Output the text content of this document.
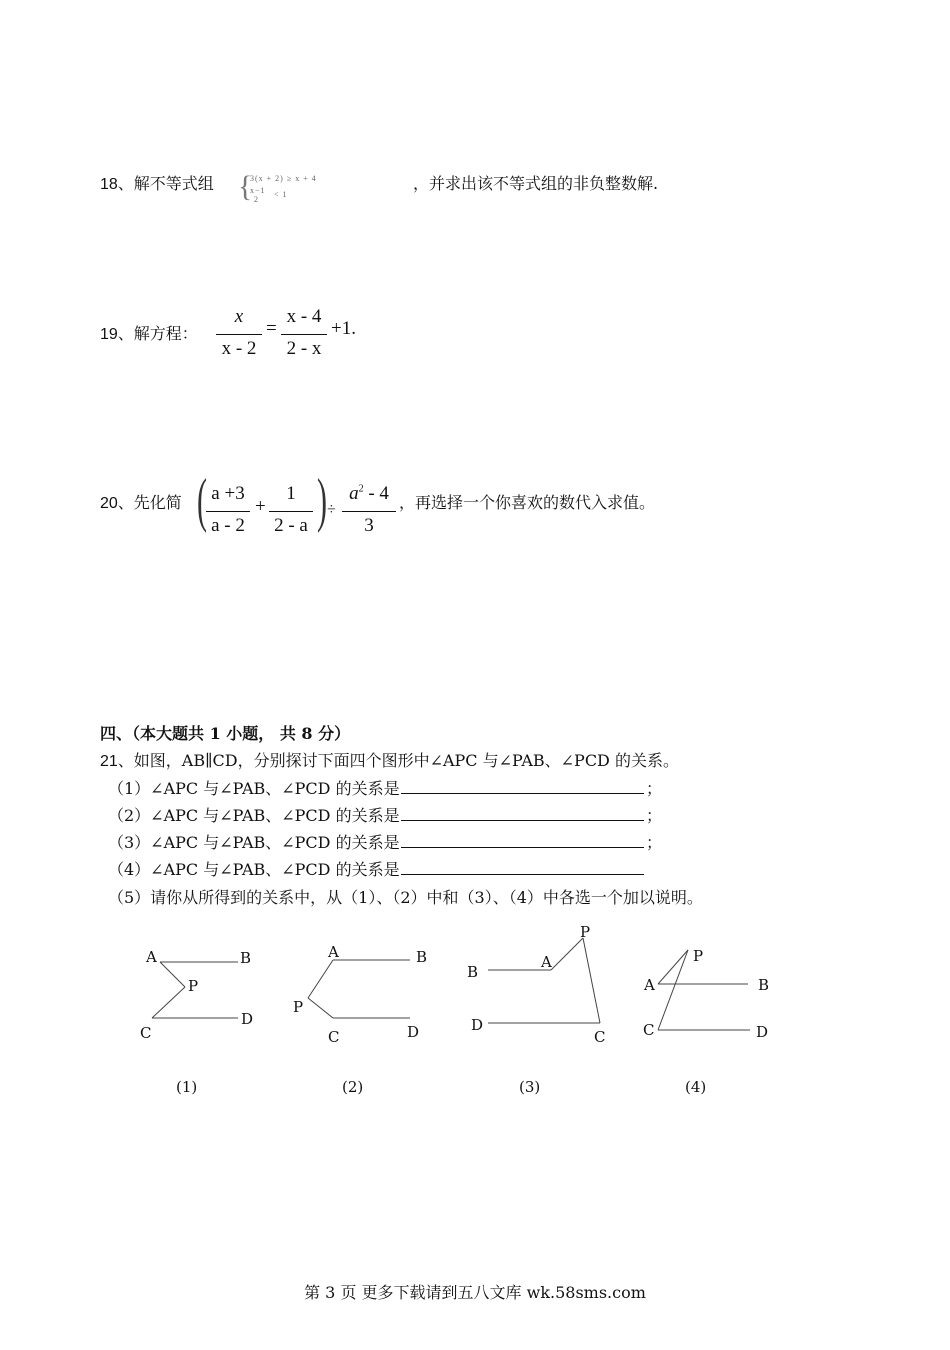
18、解不等式组 {
3(x + 2) ≥ x + 4
x−1
2
< 1
，并求出该不等式组的非负整数解.
19、解方程：
x
x - 2
=
x - 4
2 - x
+1.
20、先化简 ( a +3
a - 2
+
1
2 - a ) ÷
$a^2 - 4$
3
，再选择一个你喜欢的数代入求值。
四、（本大题共 1 小题， 共 8 分）
21、如图，AB∥CD，分别探讨下面四个图形中∠APC 与∠PAB、∠PCD 的关系。
（1）∠APC 与∠PAB、∠PCD 的关系是	；
（2）∠APC 与∠PAB、∠PCD 的关系是	；
（3）∠APC 与∠PAB、∠PCD 的关系是	；
（4）∠APC 与∠PAB、∠PCD 的关系是
（5）请你从所得到的关系中，从（1）、（2）中和（3）、（4）中各选一个加以说明。
A	B
P
C
D
A	B
P
C	D
P
A
B
D
C
P
A	B
C	D
(1)	(2)	(3)	(4)
第 3 页 更多下载请到五八文库 wk.58sms.com
